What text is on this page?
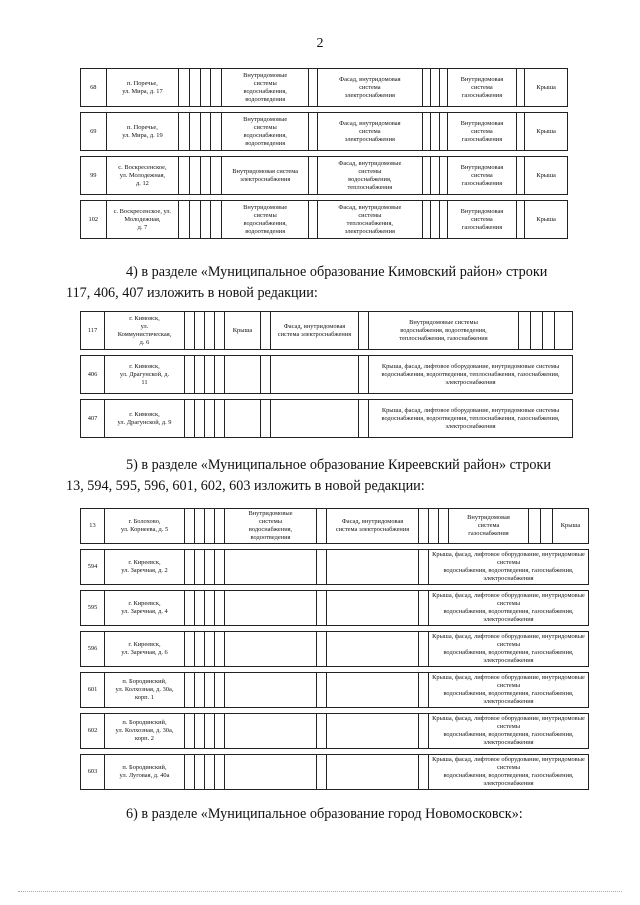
2
68	п. Поречье,
ул. Мира, д. 17					Внутридомовые
системы
водоснабжения,
водоотведения		Фасад, внутридомовая
система
электроснабжения				Внутридомовая
система
газоснабжения		Крыша

69	п. Поречье,
ул. Мира, д. 19					Внутридомовые
системы
водоснабжения,
водоотведения		Фасад, внутридомовая
система
электроснабжения				Внутридомовая
система
газоснабжения		Крыша

99	с. Воскресенское,
ул. Молодежная,
д. 12					Внутридомовая система
электроснабжения		Фасад, внутридомовые
системы
водоснабжения,
теплоснабжения				Внутридомовая
система
газоснабжения		Крыша

102	с. Воскресенское, ул.
Молодежная,
д. 7					Внутридомовые
системы
водоснабжения,
водоотведения		Фасад, внутридомовые
системы
теплоснабжения,
электроснабжения				Внутридомовая
система
газоснабжения		Крыша
4) в разделе «Муниципальное образование Кимовский район» строки
117, 406, 407 изложить в новой редакции:
117	г. Кимовск,
ул.
Коммунистическая,
д. 6					Крыша		Фасад, внутридомовая
система электроснабжения		Внутридомовые системы
водоснабжения, водоотведения,
теплоснабжения, газоснабжения				

406	г. Кимовск,
ул. Драгунской, д.
11									Крыша, фасад, лифтовое оборудование, внутридомовые системы
водоснабжения, водоотведения, теплоснабжения, газоснабжения,
электроснабжения				

407	г. Кимовск,
ул. Драгунской, д. 9									Крыша, фасад, лифтовое оборудование, внутридомовые системы
водоснабжения, водоотведения, теплоснабжения, газоснабжения,
электроснабжения				
5) в разделе «Муниципальное образование Киреевский район» строки
13, 594, 595, 596, 601, 602, 603 изложить в новой редакции:
13	г. Болохово,
ул. Корнеева, д. 5					Внутридомовые
системы
водоснабжения,
водоотведения		Фасад, внутридомовая
система электроснабжения				Внутридомовая
система
газоснабжения			Крыша

594	г. Киреевск,
ул. Заречная, д. 2									Крыша, фасад, лифтовое оборудование, внутридомовые системы
водоснабжения, водоотведения, газоснабжения, электроснабжения					

595	г. Киреевск,
ул. Заречная, д. 4									Крыша, фасад, лифтовое оборудование, внутридомовые системы
водоснабжения, водоотведения, газоснабжения, электроснабжения					

596	г. Киреевск,
ул. Заречная, д. 6									Крыша, фасад, лифтовое оборудование, внутридомовые системы
водоснабжения, водоотведения, газоснабжения, электроснабжения					

601	п. Бородинский,
ул. Колхозная, д. 30а,
корп. 1									Крыша, фасад, лифтовое оборудование, внутридомовые системы
водоснабжения, водоотведения, газоснабжения, электроснабжения					

602	п. Бородинский,
ул. Колхозная, д. 30а,
корп. 2									Крыша, фасад, лифтовое оборудование, внутридомовые системы
водоснабжения, водоотведения, газоснабжения, электроснабжения					

603	п. Бородинский,
ул. Луговая, д. 40а									Крыша, фасад, лифтовое оборудование, внутридомовые системы
водоснабжения, водоотведения, газоснабжения, электроснабжения					
6) в разделе «Муниципальное образование город Новомосковск»:
